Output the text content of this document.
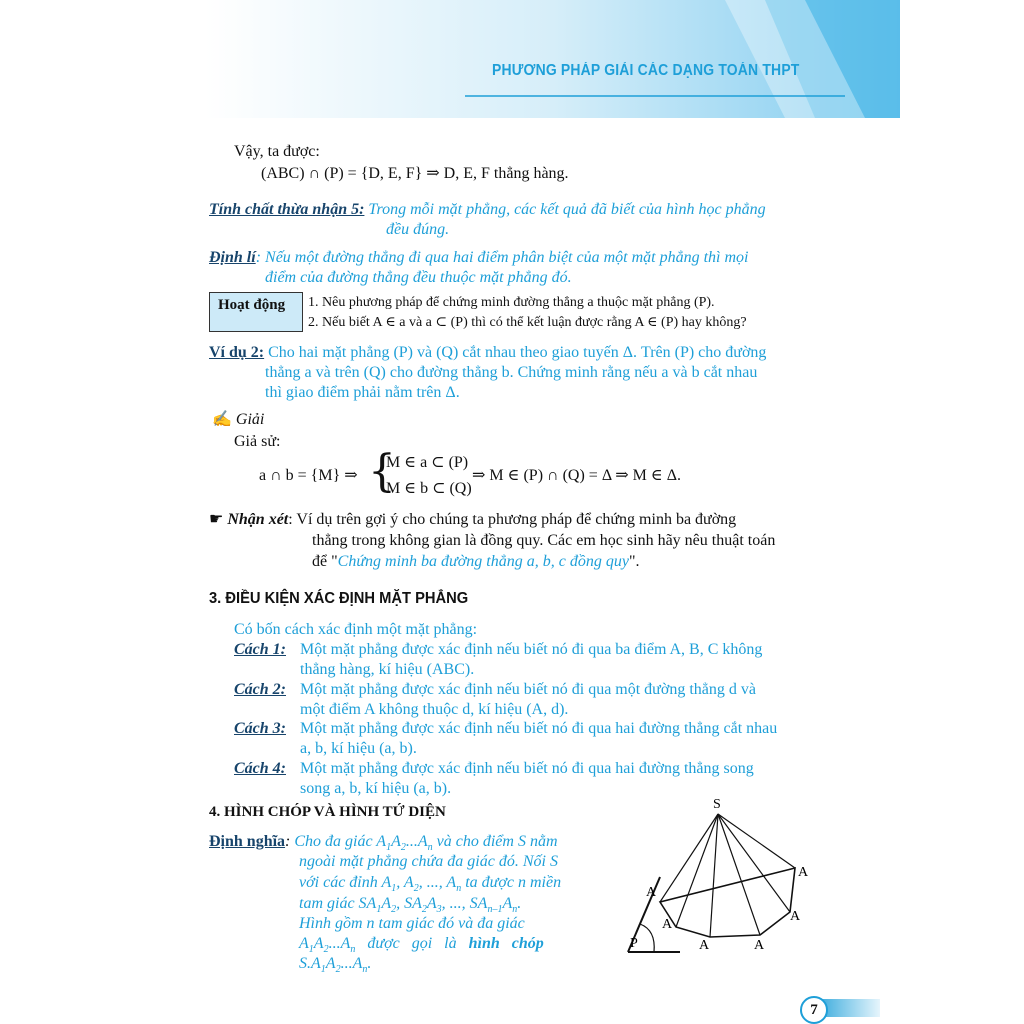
PHƯƠNG PHÁP GIẢI CÁC DẠNG TOÁN THPT
Vậy, ta được:
(ABC) ∩ (P) = {D, E, F} ⇒ D, E, F thẳng hàng.
Tính chất thừa nhận 5: Trong mỗi mặt phẳng, các kết quả đã biết của hình học phẳng
đều đúng.
Định lí: Nếu một đường thẳng đi qua hai điểm phân biệt của một mặt phẳng thì mọi
điểm của đường thẳng đều thuộc mặt phẳng đó.
Hoạt động 1. Nêu phương pháp để chứng minh đường thẳng a thuộc mặt phẳng (P).
2. Nếu biết A ∈ a và a ⊂ (P) thì có thể kết luận được rằng A ∈ (P) hay không?
Ví dụ 2: Cho hai mặt phẳng (P) và (Q) cắt nhau theo giao tuyến Δ. Trên (P) cho đường
thẳng a và trên (Q) cho đường thẳng b. Chứng minh rằng nếu a và b cắt nhau
thì giao điểm phải nằm trên Δ.
✍ Giải
Giả sử:
a ∩ b = {M} ⇒ {
M ∈ a ⊂ (P)
M ∈ b ⊂ (Q)
⇒ M ∈ (P) ∩ (Q) = Δ ⇒ M ∈ Δ.
☛ Nhận xét: Ví dụ trên gợi ý cho chúng ta phương pháp để chứng minh ba đường
thẳng trong không gian là đồng quy. Các em học sinh hãy nêu thuật toán
để "Chứng minh ba đường thẳng a, b, c đồng quy".
3. ĐIỀU KIỆN XÁC ĐỊNH MẶT PHẲNG
Có bốn cách xác định một mặt phẳng:
Cách 1: Một mặt phẳng được xác định nếu biết nó đi qua ba điểm A, B, C không
thẳng hàng, kí hiệu (ABC).
Cách 2: Một mặt phẳng được xác định nếu biết nó đi qua một đường thẳng d và
một điểm A không thuộc d, kí hiệu (A, d).
Cách 3: Một mặt phẳng được xác định nếu biết nó đi qua hai đường thẳng cắt nhau
a, b, kí hiệu (a, b).
Cách 4: Một mặt phẳng được xác định nếu biết nó đi qua hai đường thẳng song
song a, b, kí hiệu (a, b).
4. HÌNH CHÓP VÀ HÌNH TỨ DIỆN
Định nghĩa: Cho đa giác $A_1A_2...A_n$ và cho điểm S nằm
ngoài mặt phẳng chứa đa giác đó. Nối S
với các đỉnh $A_1$, $A_2$, ..., $A_n$ ta được n miền
tam giác $SA_1A_2$, $SA_2A_3$, ..., $SA_{n-1}A_n$.
Hình gồm n tam giác đó và đa giác
$A_1A_2...A_n$   được   gọi   là   hình   chóp
$S.A_1A_2...A_n$.
S
A
A
A	A
A
A
P
7
